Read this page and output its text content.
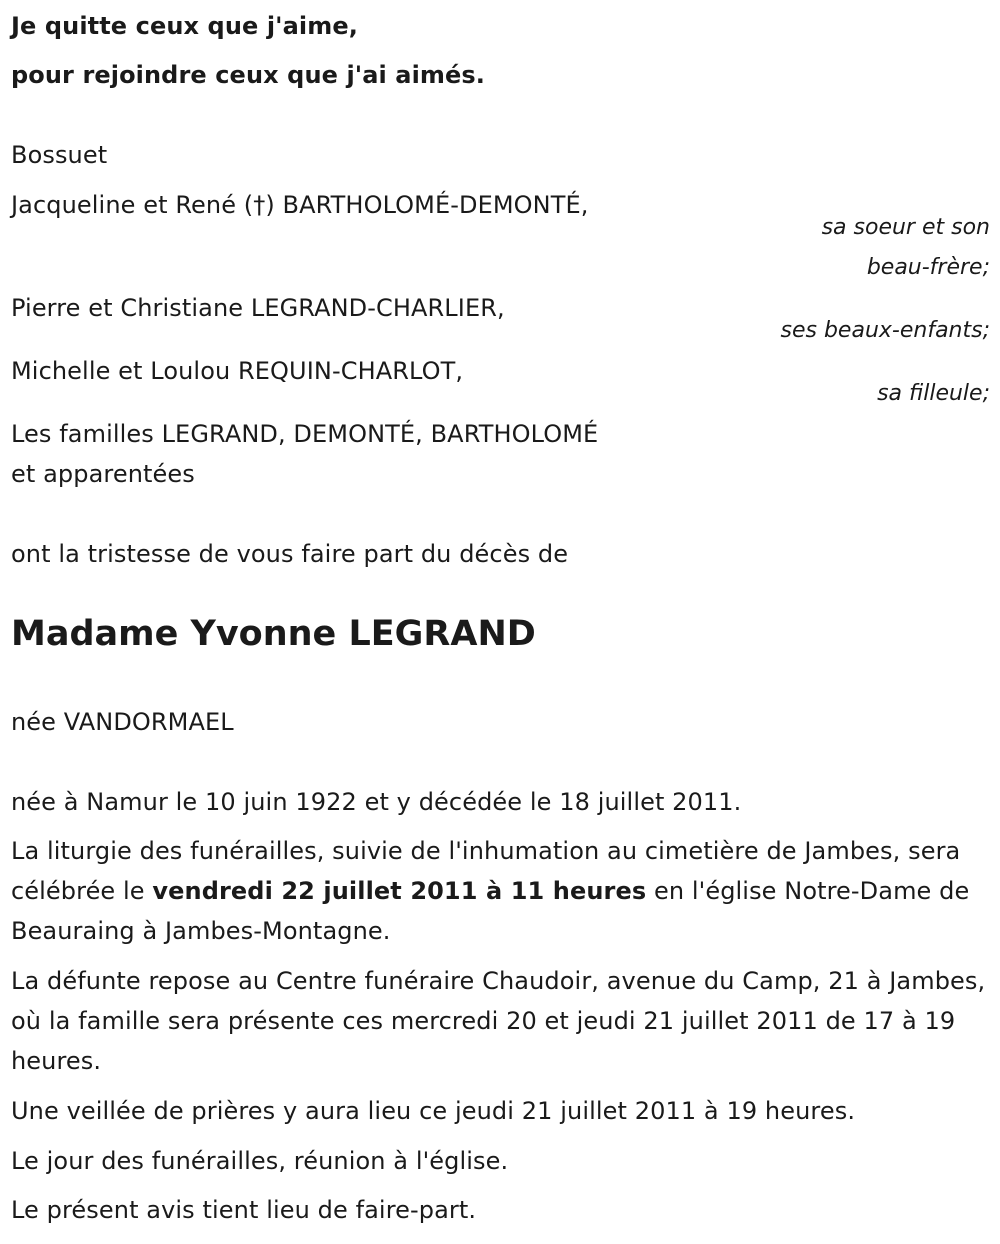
Je quitte ceux que j'aime,
pour rejoindre ceux que j'ai aimés.
Bossuet
Jacqueline et René (†) BARTHOLOMÉ-DEMONTÉ,
sa soeur et son
beau-frère;
Pierre et Christiane LEGRAND-CHARLIER,
ses beaux-enfants;
Michelle et Loulou REQUIN-CHARLOT,
sa filleule;
Les familles LEGRAND, DEMONTÉ, BARTHOLOMÉ
et apparentées
ont la tristesse de vous faire part du décès de
Madame Yvonne LEGRAND
née VANDORMAEL
née à Namur le 10 juin 1922 et y décédée le 18 juillet 2011.
La liturgie des funérailles, suivie de l'inhumation au cimetière de Jambes, sera célébrée le vendredi 22 juillet 2011 à 11 heures en l'église Notre-Dame de Beauraing à Jambes-Montagne.
La défunte repose au Centre funéraire Chaudoir, avenue du Camp, 21 à Jambes, où la famille sera présente ces mercredi 20 et jeudi 21 juillet 2011 de 17 à 19 heures.
Une veillée de prières y aura lieu ce jeudi 21 juillet 2011 à 19 heures.
Le jour des funérailles, réunion à l'église.
Le présent avis tient lieu de faire-part.
